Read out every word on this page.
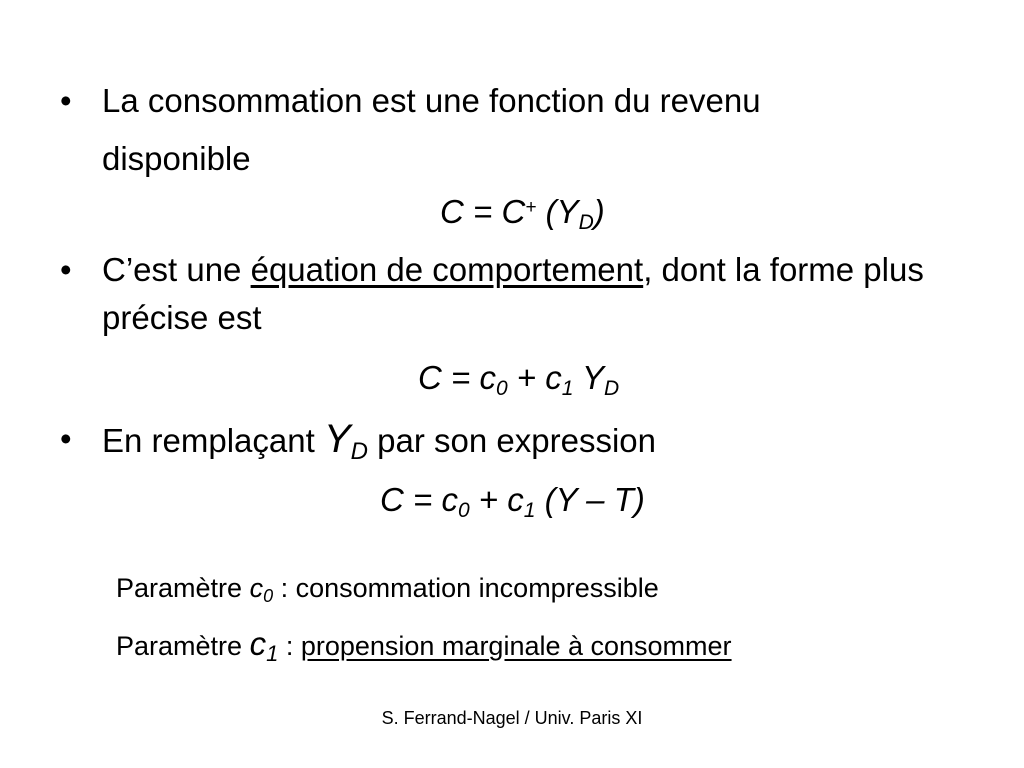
• La consommation est une fonction du revenu
disponible
C = C+ $(Y_D)$
• C’est une équation de comportement, dont la forme plus précise est
$C = c_0 + c_1$ $Y_D$
• En remplaçant $Y_D$ par son expression
$C = c_0 + c_1$ (Y – T)
Paramètre $c_0$ : consommation incompressible
Paramètre $c_1$ : propension marginale à consommer
S. Ferrand-Nagel / Univ. Paris XI
